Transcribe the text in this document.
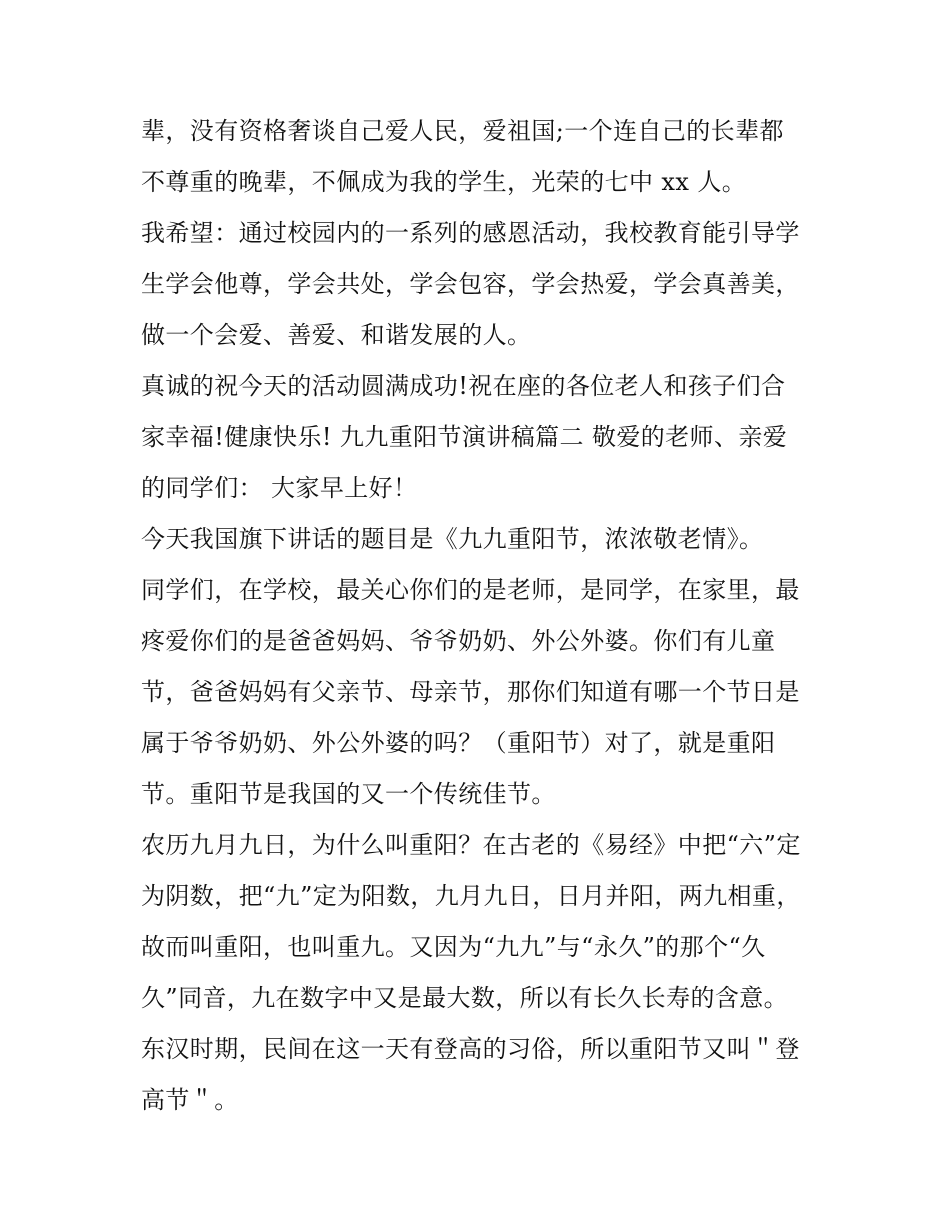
辈，没有资格奢谈自己爱人民，爱祖国;一个连自己的长辈都
不尊重的晚辈，不佩成为我的学生，光荣的七中 xx 人。
我希望：通过校园内的一系列的感恩活动，我校教育能引导学
生学会他尊，学会共处，学会包容，学会热爱，学会真善美，
做一个会爱、善爱、和谐发展的人。
真诚的祝今天的活动圆满成功!祝在座的各位老人和孩子们合
家幸福!健康快乐! 九九重阳节演讲稿篇二 敬爱的老师、亲爱
的同学们： 大家早上好！
今天我国旗下讲话的题目是《九九重阳节，浓浓敬老情》。
同学们，在学校，最关心你们的是老师，是同学，在家里，最
疼爱你们的是爸爸妈妈、爷爷奶奶、外公外婆。你们有儿童
节，爸爸妈妈有父亲节、母亲节，那你们知道有哪一个节日是
属于爷爷奶奶、外公外婆的吗？（重阳节）对了，就是重阳
节。重阳节是我国的又一个传统佳节。
农历九月九日，为什么叫重阳？在古老的《易经》中把“六”定
为阴数，把“九”定为阳数，九月九日，日月并阳，两九相重，
故而叫重阳，也叫重九。又因为“九九”与“永久”的那个“久
久”同音，九在数字中又是最大数，所以有长久长寿的含意。
东汉时期，民间在这一天有登高的习俗，所以重阳节又叫＂登
高节＂。
